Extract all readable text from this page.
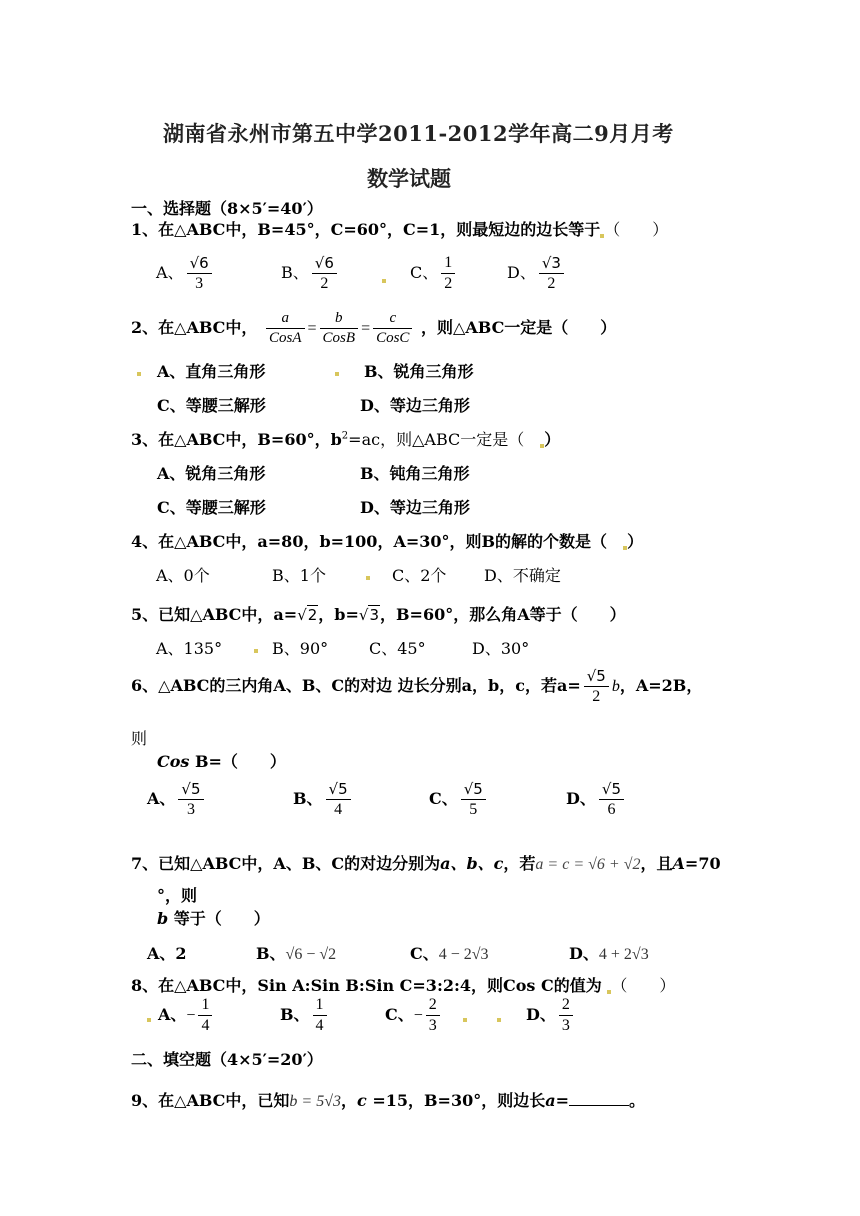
湖南省永州市第五中学2011-2012学年高二9月月考
数学试题
一、选择题（8×5′=40′）
1、在△ABC中，B=45°，C=60°，C=1，则最短边的边长等于 （　　）
A、 $\frac{√6}{3}$	B、 $\frac{√6}{2}$	C、 $\frac{1}{2}$	D、 $\frac{√3}{2}$
2、在△ABC中， $\frac{a}{\text{CosA}} = \frac{b}{\text{CosB}} = \frac{c}{\text{CosC}}$ ，则△ABC一定是（　　）
A、直角三角形	B、锐角三角形
C、等腰三解形	D、等边三角形
3、在△ABC中，B=60°，$b^2=ac$，则△ABC一定是（　 ）
A、锐角三角形	B、钝角三角形
C、等腰三解形	D、等边三角形
4、在△ABC中，a=80，b=100，A=30°，则B的解的个数是（　 ）
A、0个	B、1个	C、2个 D、不确定
5、已知△ABC中，a=√2，b=√3，B=60°，那么角A等于（　　）
A、135°	B、90°	C、45°	D、30°
6、△ABC的三内角A、B、C的对边 边长分别a，b，c，若$a= \frac{√5}{2}$ b，A=2B，
则
Cos B=（　　）
A、 $\frac{√5}{3}$	B、 $\frac{√5}{4}$	C、 $\frac{√5}{5}$	D、 $\frac{√5}{6}$
7、已知△ABC中，A、B、C的对边分别为a、b、c，若a = c = √6 + √2，且A=70
°，则
b 等于（　　）
A、2	B、√6 − √2	C、4 − 2√3	D、4 + 2√3
8、在△ABC中，Sin A:Sin B:Sin C=3:2:4，则Cos C的值为 （　　）
A、− $\frac{1}{4}$	B、 $\frac{1}{4}$	C、− $\frac{2}{3}$	D、 $\frac{2}{3}$
二、填空题（4×5′=20′）
9、在△ABC中，已知b = 5√3，c =15，B=30°，则边长a=	。
